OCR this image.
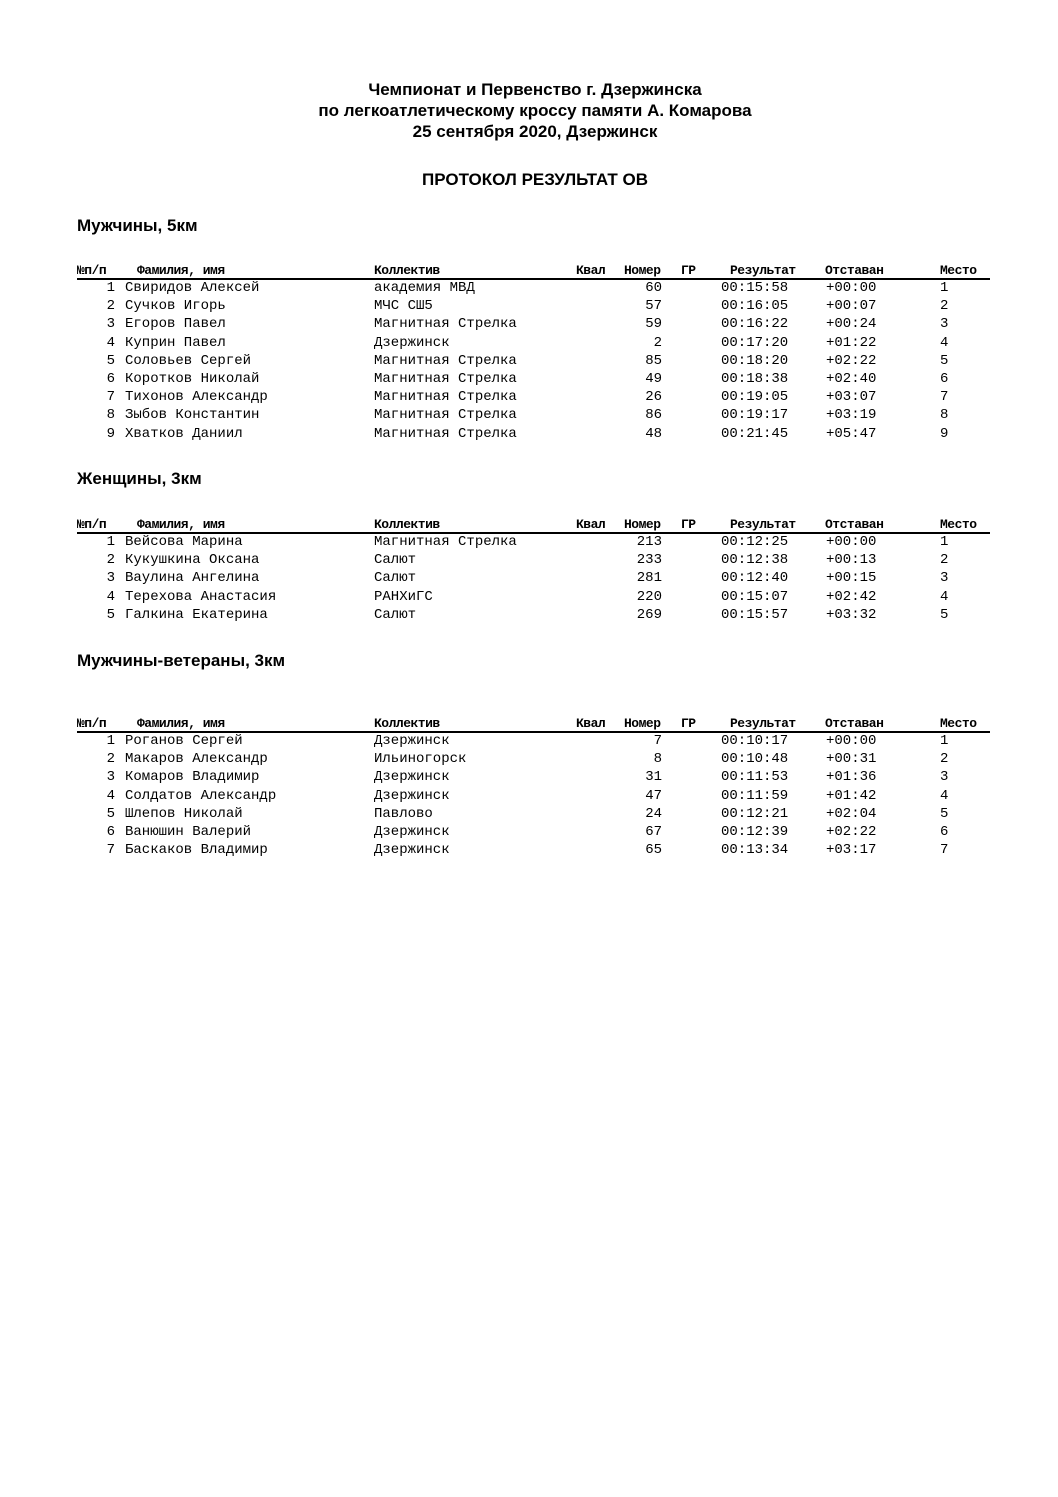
Чемпионат и Первенство г. Дзержинска
по легкоатлетическому кроссу памяти А. Комарова
25 сентября 2020, Дзержинск
ПРОТОКОЛ РЕЗУЛЬТАТ ОВ
Мужчины, 5км
№п/п Фамилия, имя	Коллектив	Квал Номер ГР	Результат Отставан	Место
1 Свиридов Алексей	академия МВД	60	00:15:58	+00:00	1
2 Сучков Игорь	МЧС СШ5	57	00:16:05	+00:07	2
3 Егоров Павел	Магнитная Стрелка	59	00:16:22	+00:24	3
4 Куприн Павел	Дзержинск	2	00:17:20	+01:22	4
5 Соловьев Сергей	Магнитная Стрелка	85	00:18:20	+02:22	5
6 Коротков Николай	Магнитная Стрелка	49	00:18:38	+02:40	6
7 Тихонов Александр	Магнитная Стрелка	26	00:19:05	+03:07	7
8 Зыбов Константин	Магнитная Стрелка	86	00:19:17	+03:19	8
9 Хватков Даниил	Магнитная Стрелка	48	00:21:45	+05:47	9
Женщины, 3км
№п/п Фамилия, имя	Коллектив	Квал Номер ГР	Результат Отставан	Место
1 Вейсова Марина	Магнитная Стрелка	213	00:12:25	+00:00	1
2 Кукушкина Оксана	Салют	233	00:12:38	+00:13	2
3 Ваулина Ангелина	Салют	281	00:12:40	+00:15	3
4 Терехова Анастасия	РАНХиГС	220	00:15:07	+02:42	4
5 Галкина Екатерина	Салют	269	00:15:57	+03:32	5
Мужчины-ветераны, 3км
№п/п Фамилия, имя	Коллектив	Квал Номер ГР	Результат Отставан	Место
1 Роганов Сергей	Дзержинск	7	00:10:17	+00:00	1
2 Макаров Александр	Ильиногорск	8	00:10:48	+00:31	2
3 Комаров Владимир	Дзержинск	31	00:11:53	+01:36	3
4 Солдатов Александр	Дзержинск	47	00:11:59	+01:42	4
5 Шлепов Николай	Павлово	24	00:12:21	+02:04	5
6 Ванюшин Валерий	Дзержинск	67	00:12:39	+02:22	6
7 Баскаков Владимир	Дзержинск	65	00:13:34	+03:17	7
